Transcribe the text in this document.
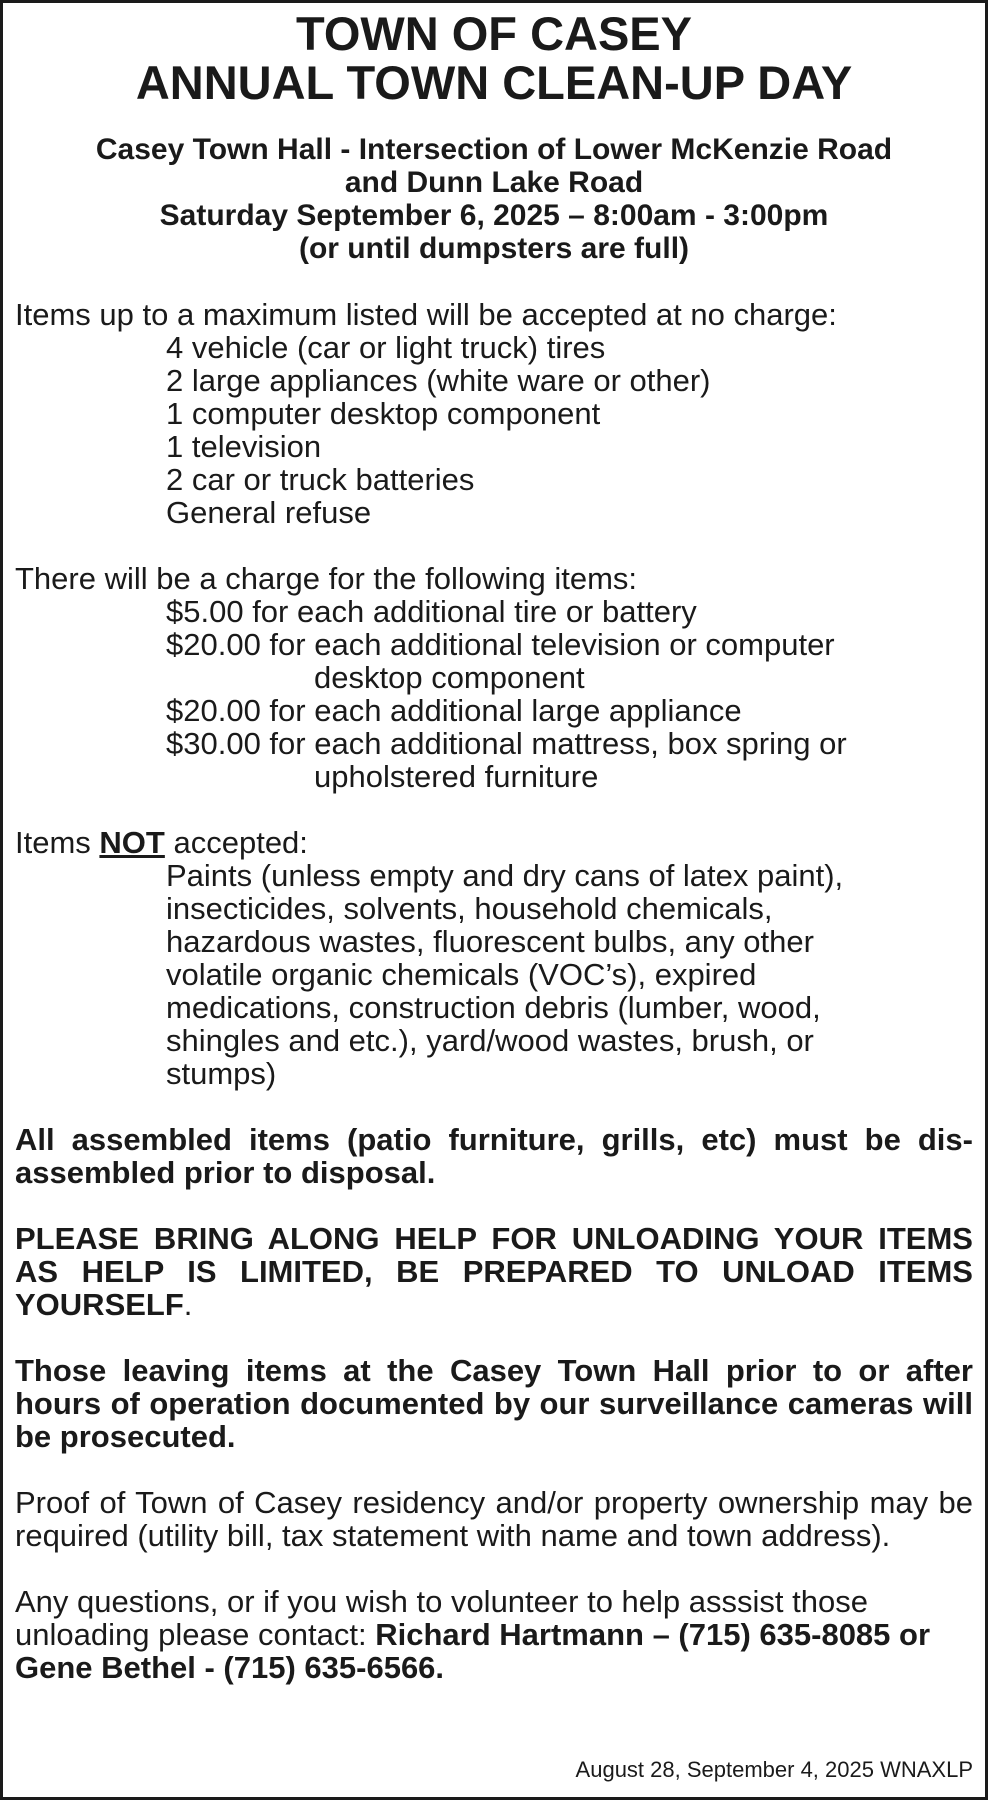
TOWN OF CASEY
ANNUAL TOWN CLEAN-UP DAY
Casey Town Hall - Intersection of Lower McKenzie Road
and Dunn Lake Road
Saturday September 6, 2025 – 8:00am - 3:00pm
(or until dumpsters are full)
Items up to a maximum listed will be accepted at no charge:
4 vehicle (car or light truck) tires
2 large appliances (white ware or other)
1 computer desktop component
1 television
2 car or truck batteries
General refuse
There will be a charge for the following items:
$5.00 for each additional tire or battery
$20.00 for each additional television or computer
desktop component
$20.00 for each additional large appliance
$30.00 for each additional mattress, box spring or
upholstered furniture
Items NOT accepted:
Paints (unless empty and dry cans of latex paint),
insecticides, solvents, household chemicals,
hazardous wastes, fluorescent bulbs, any other
volatile organic chemicals (VOC’s), expired
medications, construction debris (lumber, wood,
shingles and etc.), yard/wood wastes, brush, or
stumps)
All assembled items (patio furniture, grills, etc) must be dis-assembled prior to disposal.
PLEASE BRING ALONG HELP FOR UNLOADING YOUR ITEMS AS HELP IS LIMITED, BE PREPARED TO UNLOAD ITEMS YOURSELF.
Those leaving items at the Casey Town Hall prior to or after hours of operation documented by our surveillance cameras will be prosecuted.
Proof of Town of Casey residency and/or property ownership may be required (utility bill, tax statement with name and town address).
Any questions, or if you wish to volunteer to help asssist those unloading please contact: Richard Hartmann – (715) 635-8085 or Gene Bethel - (715) 635-6566.
August 28, September 4, 2025 WNAXLP
